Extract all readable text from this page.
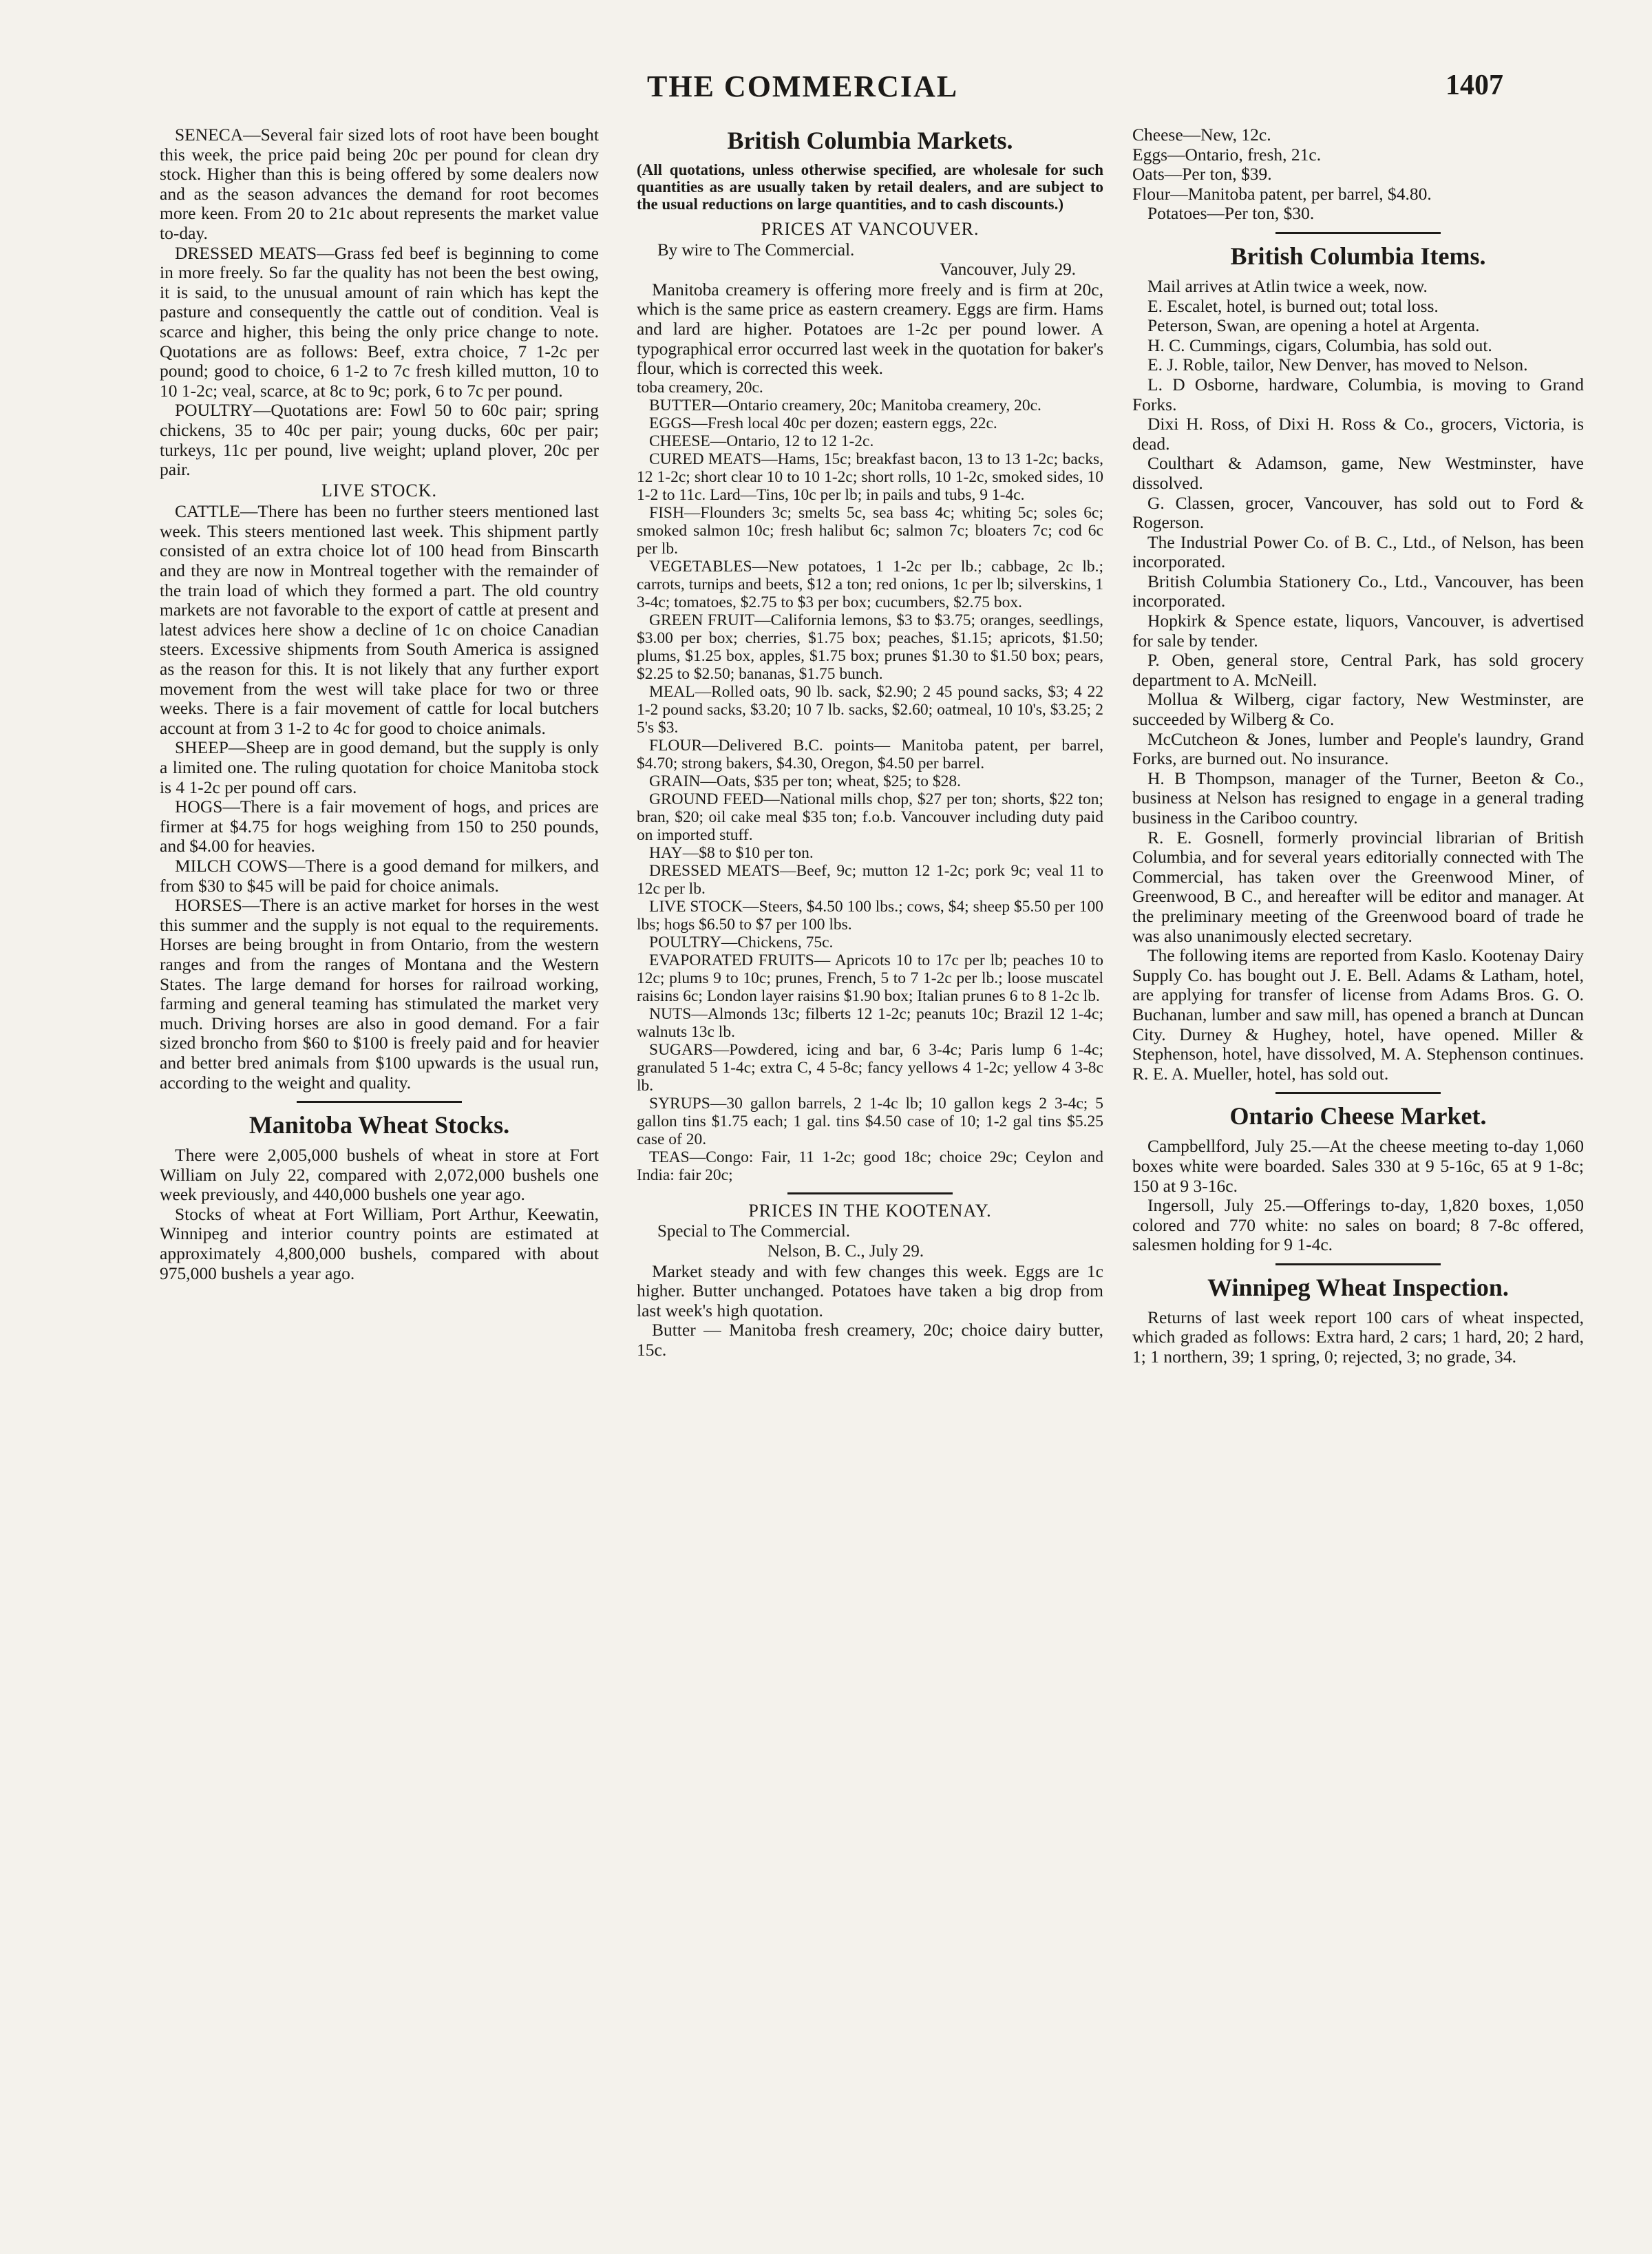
THE COMMERCIAL	1407

SENECA—Several fair sized lots of root have been bought this week, the price paid being 20c per pound for clean dry stock. Higher than this is being offered by some dealers now and as the season advances the demand for root becomes more keen. From 20 to 21c about represents the market value to-day.

DRESSED MEATS—Grass fed beef is beginning to come in more freely. So far the quality has not been the best owing, it is said, to the unusual amount of rain which has kept the pasture and consequently the cattle out of condition. Veal is scarce and higher, this being the only price change to note. Quotations are as follows: Beef, extra choice, 7 1-2c per pound; good to choice, 6 1-2 to 7c fresh killed mutton, 10 to 10 1-2c; veal, scarce, at 8c to 9c; pork, 6 to 7c per pound.

POULTRY—Quotations are: Fowl 50 to 60c pair; spring chickens, 35 to 40c per pair; young ducks, 60c per pair; turkeys, 11c per pound, live weight; upland plover, 20c per pair.

LIVE STOCK.

CATTLE—There has been no further steers mentioned last week. This steers mentioned last week. This shipment partly consisted of an extra choice lot of 100 head from Binscarth and they are now in Montreal together with the remainder of the train load of which they formed a part. The old country markets are not favorable to the export of cattle at present and latest advices here show a decline of 1c on choice Canadian steers. Excessive shipments from South America is assigned as the reason for this. It is not likely that any further export movement from the west will take place for two or three weeks. There is a fair movement of cattle for local butchers account at from 3 1-2 to 4c for good to choice animals.

SHEEP—Sheep are in good demand, but the supply is only a limited one. The ruling quotation for choice Manitoba stock is 4 1-2c per pound off cars.

HOGS—There is a fair movement of hogs, and prices are firmer at $4.75 for hogs weighing from 150 to 250 pounds, and $4.00 for heavies.

MILCH COWS—There is a good demand for milkers, and from $30 to $45 will be paid for choice animals.

HORSES—There is an active market for horses in the west this summer and the supply is not equal to the requirements. Horses are being brought in from Ontario, from the western ranges and from the ranges of Montana and the Western States. The large demand for horses for railroad working, farming and general teaming has stimulated the market very much. Driving horses are also in good demand. For a fair sized broncho from $60 to $100 is freely paid and for heavier and better bred animals from $100 upwards is the usual run, according to the weight and quality.

Manitoba Wheat Stocks.

There were 2,005,000 bushels of wheat in store at Fort William on July 22, compared with 2,072,000 bushels one week previously, and 440,000 bushels one year ago.

Stocks of wheat at Fort William, Port Arthur, Keewatin, Winnipeg and interior country points are estimated at approximately 4,800,000 bushels, compared with about 975,000 bushels a year ago.

British Columbia Markets.
(All quotations, unless otherwise specified, are wholesale for such quantities as are usually taken by retail dealers, and are subject to the usual reductions on large quantities, and to cash discounts.)
PRICES AT VANCOUVER.
By wire to The Commercial.
Vancouver, July 29.

Manitoba creamery is offering more freely and is firm at 20c, which is the same price as eastern creamery. Eggs are firm. Hams and lard are higher. Potatoes are 1-2c per pound lower. A typographical error occurred last week in the quotation for baker's flour, which is corrected this week.

toba creamery, 20c.

BUTTER—Ontario creamery, 20c; Manitoba creamery, 20c.

EGGS—Fresh local 40c per dozen; eastern eggs, 22c.

CHEESE—Ontario, 12 to 12 1-2c.

CURED MEATS—Hams, 15c; breakfast bacon, 13 to 13 1-2c; backs, 12 1-2c; short clear 10 to 10 1-2c; short rolls, 10 1-2c, smoked sides, 10 1-2 to 11c. Lard—Tins, 10c per lb; in pails and tubs, 9 1-4c.

FISH—Flounders 3c; smelts 5c, sea bass 4c; whiting 5c; soles 6c; smoked salmon 10c; fresh halibut 6c; salmon 7c; bloaters 7c; cod 6c per lb.

VEGETABLES—New potatoes, 1 1-2c per lb.; cabbage, 2c lb.; carrots, turnips and beets, $12 a ton; red onions, 1c per lb; silverskins, 1 3-4c; tomatoes, $2.75 to $3 per box; cucumbers, $2.75 box.

GREEN FRUIT—California lemons, $3 to $3.75; oranges, seedlings, $3.00 per box; cherries, $1.75 box; peaches, $1.15; apricots, $1.50; plums, $1.25 box, apples, $1.75 box; prunes $1.30 to $1.50 box; pears, $2.25 to $2.50; bananas, $1.75 bunch.

MEAL—Rolled oats, 90 lb. sack, $2.90; 2 45 pound sacks, $3; 4 22 1-2 pound sacks, $3.20; 10 7 lb. sacks, $2.60; oatmeal, 10 10's, $3.25; 2 5's $3.

FLOUR—Delivered B.C. points— Manitoba patent, per barrel, $4.70; strong bakers, $4.30, Oregon, $4.50 per barrel.

GRAIN—Oats, $35 per ton; wheat, $25; to $28.

GROUND FEED—National mills chop, $27 per ton; shorts, $22 ton; bran, $20; oil cake meal $35 ton; f.o.b. Vancouver including duty paid on imported stuff.

HAY—$8 to $10 per ton.

DRESSED MEATS—Beef, 9c; mutton 12 1-2c; pork 9c; veal 11 to 12c per lb.

LIVE STOCK—Steers, $4.50 100 lbs.; cows, $4; sheep $5.50 per 100 lbs; hogs $6.50 to $7 per 100 lbs.

POULTRY—Chickens, 75c.

EVAPORATED FRUITS— Apricots 10 to 17c per lb; peaches 10 to 12c; plums 9 to 10c; prunes, French, 5 to 7 1-2c per lb.; loose muscatel raisins 6c; London layer raisins $1.90 box; Italian prunes 6 to 8 1-2c lb.

NUTS—Almonds 13c; filberts 12 1-2c; peanuts 10c; Brazil 12 1-4c; walnuts 13c lb.

SUGARS—Powdered, icing and bar, 6 3-4c; Paris lump 6 1-4c; granulated 5 1-4c; extra C, 4 5-8c; fancy yellows 4 1-2c; yellow 4 3-8c lb.

SYRUPS—30 gallon barrels, 2 1-4c lb; 10 gallon kegs 2 3-4c; 5 gallon tins $1.75 each; 1 gal. tins $4.50 case of 10; 1-2 gal tins $5.25 case of 20.

TEAS—Congo: Fair, 11 1-2c; good 18c; choice 29c; Ceylon and India: fair 20c;

PRICES IN THE KOOTENAY.
Special to The Commercial.
Nelson, B. C., July 29.

Market steady and with few changes this week. Eggs are 1c higher. Butter unchanged. Potatoes have taken a big drop from last week's high quotation.

Butter — Manitoba fresh creamery, 20c; choice dairy butter, 15c.

Cheese—New, 12c.

Eggs—Ontario, fresh, 21c.

Oats—Per ton, $39.

Flour—Manitoba patent, per barrel, $4.80.

Potatoes—Per ton, $30.

British Columbia Items.

Mail arrives at Atlin twice a week, now.

E. Escalet, hotel, is burned out; total loss.

Peterson, Swan, are opening a hotel at Argenta.

H. C. Cummings, cigars, Columbia, has sold out.

E. J. Roble, tailor, New Denver, has moved to Nelson.

L. D Osborne, hardware, Columbia, is moving to Grand Forks.

Dixi H. Ross, of Dixi H. Ross & Co., grocers, Victoria, is dead.

Coulthart & Adamson, game, New Westminster, have dissolved.

G. Classen, grocer, Vancouver, has sold out to Ford & Rogerson.

The Industrial Power Co. of B. C., Ltd., of Nelson, has been incorporated.

British Columbia Stationery Co., Ltd., Vancouver, has been incorporated.

Hopkirk & Spence estate, liquors, Vancouver, is advertised for sale by tender.

P. Oben, general store, Central Park, has sold grocery department to A. McNeill.

Mollua & Wilberg, cigar factory, New Westminster, are succeeded by Wilberg & Co.

McCutcheon & Jones, lumber and People's laundry, Grand Forks, are burned out. No insurance.

H. B Thompson, manager of the Turner, Beeton & Co., business at Nelson has resigned to engage in a general trading business in the Cariboo country.

R. E. Gosnell, formerly provincial librarian of British Columbia, and for several years editorially connected with The Commercial, has taken over the Greenwood Miner, of Greenwood, B C., and hereafter will be editor and manager. At the preliminary meeting of the Greenwood board of trade he was also unanimously elected secretary.

The following items are reported from Kaslo. Kootenay Dairy Supply Co. has bought out J. E. Bell. Adams & Latham, hotel, are applying for transfer of license from Adams Bros. G. O. Buchanan, lumber and saw mill, has opened a branch at Duncan City. Durney & Hughey, hotel, have opened. Miller & Stephenson, hotel, have dissolved, M. A. Stephenson continues. R. E. A. Mueller, hotel, has sold out.

Ontario Cheese Market.

Campbellford, July 25.—At the cheese meeting to-day 1,060 boxes white were boarded. Sales 330 at 9 5-16c, 65 at 9 1-8c; 150 at 9 3-16c.

Ingersoll, July 25.—Offerings to-day, 1,820 boxes, 1,050 colored and 770 white: no sales on board; 8 7-8c offered, salesmen holding for 9 1-4c.

Winnipeg Wheat Inspection.

Returns of last week report 100 cars of wheat inspected, which graded as follows: Extra hard, 2 cars; 1 hard, 20; 2 hard, 1; 1 northern, 39; 1 spring, 0; rejected, 3; no grade, 34.
